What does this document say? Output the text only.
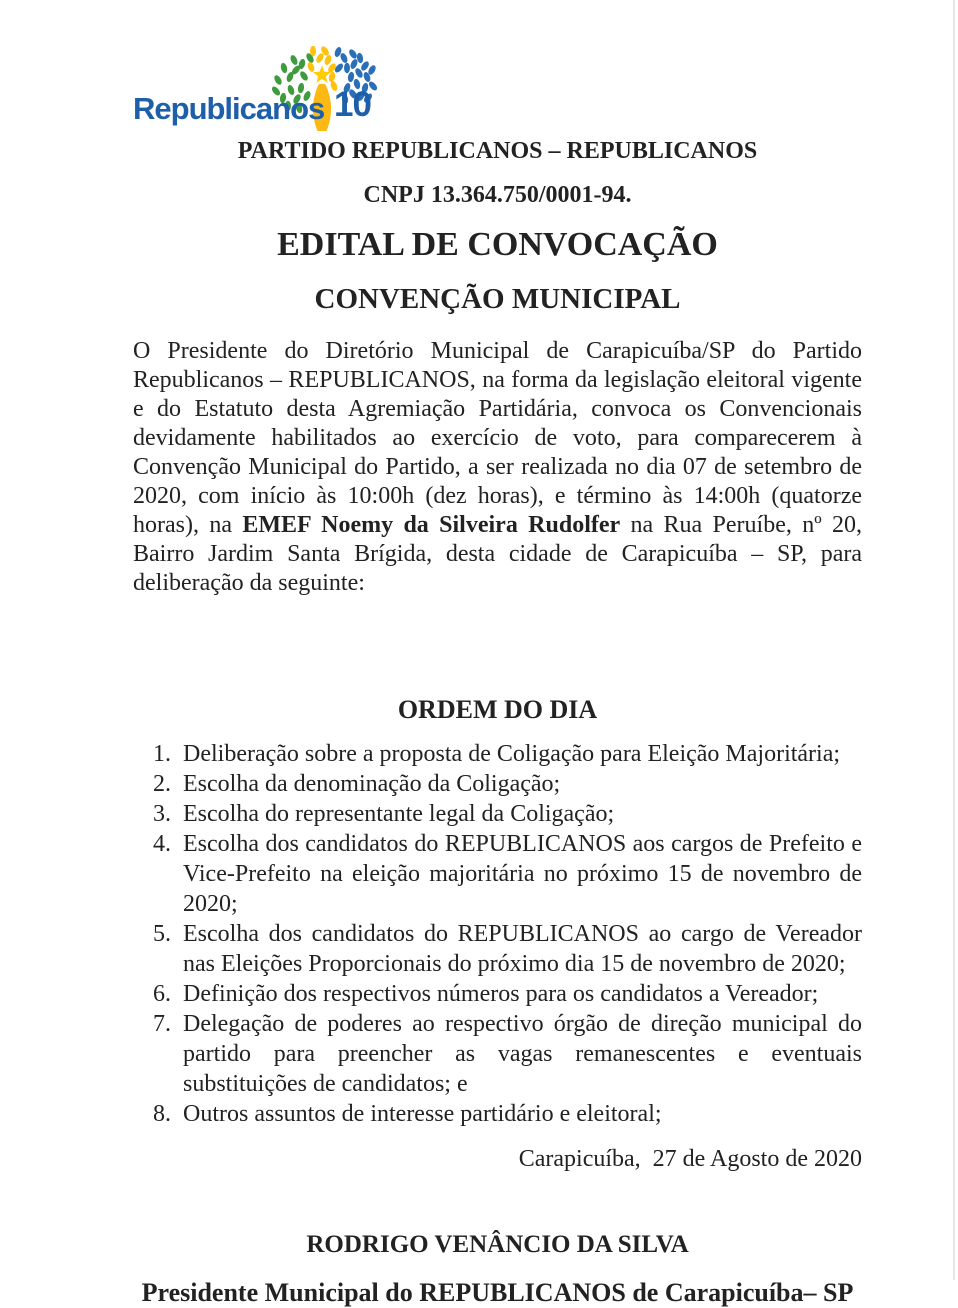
Republicanos 10
PARTIDO REPUBLICANOS – REPUBLICANOS
CNPJ 13.364.750/0001-94.
EDITAL DE CONVOCAÇÃO
CONVENÇÃO MUNICIPAL

O Presidente do Diretório Municipal de Carapicuíba/SP do Partido Republicanos – REPUBLICANOS, na forma da legislação eleitoral vigente e do Estatuto desta Agremiação Partidária, convoca os Convencionais devidamente habilitados ao exercício de voto, para comparecerem à Convenção Municipal do Partido, a ser realizada no dia 07 de setembro de 2020, com início às 10:00h (dez horas), e término às 14:00h (quatorze horas), na EMEF Noemy da Silveira Rudolfer na Rua Peruíbe, nº 20, Bairro Jardim Santa Brígida, desta cidade de Carapicuíba – SP, para deliberação da seguinte:

ORDEM DO DIA
1. Deliberação sobre a proposta de Coligação para Eleição Majoritária;
2. Escolha da denominação da Coligação;
3. Escolha do representante legal da Coligação;
4. Escolha dos candidatos do REPUBLICANOS aos cargos de Prefeito e Vice-Prefeito na eleição majoritária no próximo 15 de novembro de 2020;
5. Escolha dos candidatos do REPUBLICANOS ao cargo de Vereador nas Eleições Proporcionais do próximo dia 15 de novembro de 2020;
6. Definição dos respectivos números para os candidatos a Vereador;
7. Delegação de poderes ao respectivo órgão de direção municipal do partido para preencher as vagas remanescentes e eventuais substituições de candidatos; e
8. Outros assuntos de interesse partidário e eleitoral;
Carapicuíba,  27 de Agosto de 2020
RODRIGO VENÂNCIO DA SILVA
Presidente Municipal do REPUBLICANOS de Carapicuíba– SP
